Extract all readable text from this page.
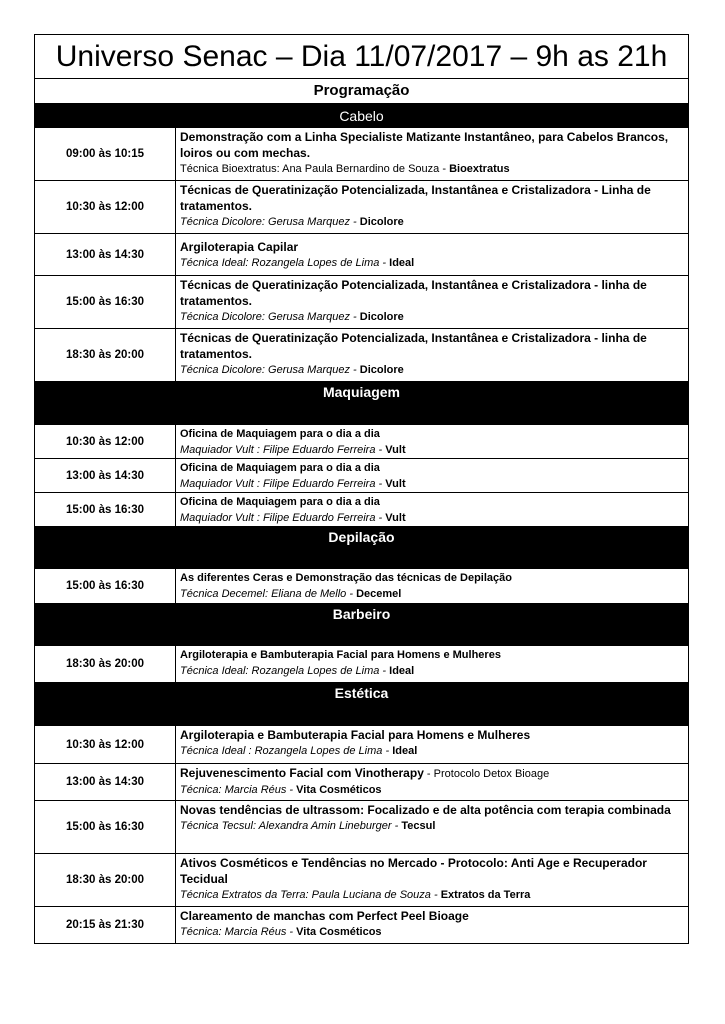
Universo Senac – Dia 11/07/2017 – 9h as 21h
Programação
Cabelo
09:00 às 10:15
Demonstração com a Linha Specialiste Matizante Instantâneo, para Cabelos Brancos, loiros ou com mechas.
Técnica Bioextratus: Ana Paula Bernardino de Souza - Bioextratus
10:30 às 12:00
Técnicas de Queratinização Potencializada, Instantânea e Cristalizadora - Linha de tratamentos.
Técnica Dicolore: Gerusa Marquez - Dicolore
13:00 às 14:30
Argiloterapia Capilar
Técnica Ideal: Rozangela Lopes de Lima - Ideal
15:00 às 16:30
Técnicas de Queratinização Potencializada, Instantânea e Cristalizadora - linha de tratamentos.
Técnica Dicolore: Gerusa Marquez - Dicolore
18:30 às 20:00
Técnicas de Queratinização Potencializada, Instantânea e Cristalizadora - linha de tratamentos.
Técnica Dicolore: Gerusa Marquez - Dicolore
Maquiagem
10:30 às 12:00
Oficina de Maquiagem para o dia a dia
Maquiador Vult : Filipe Eduardo Ferreira - Vult
13:00 às 14:30
Oficina de Maquiagem para o dia a dia
Maquiador Vult : Filipe Eduardo Ferreira - Vult
15:00 às 16:30
Oficina de Maquiagem para o dia a dia
Maquiador Vult : Filipe Eduardo Ferreira - Vult
Depilação
15:00 às 16:30
As diferentes Ceras e Demonstração das técnicas de Depilação
Técnica Decemel: Eliana de Mello - Decemel
Barbeiro
18:30 às 20:00
Argiloterapia e Bambuterapia Facial para Homens e Mulheres
Técnica Ideal: Rozangela Lopes de Lima - Ideal
Estética
10:30 às 12:00
Argiloterapia e Bambuterapia Facial para Homens e Mulheres
Técnica Ideal : Rozangela Lopes de Lima - Ideal
13:00 às 14:30
Rejuvenescimento Facial com Vinotherapy - Protocolo Detox Bioage
Técnica: Marcia Réus - Vita Cosméticos
15:00 às 16:30
Novas tendências de ultrassom: Focalizado e de alta potência com terapia combinada
Técnica Tecsul: Alexandra Amin Lineburger - Tecsul
18:30 às 20:00
Ativos Cosméticos e Tendências no Mercado - Protocolo: Anti Age e Recuperador Tecidual
Técnica Extratos da Terra: Paula Luciana de Souza - Extratos da Terra
20:15 às 21:30
Clareamento de manchas com Perfect Peel Bioage
Técnica: Marcia Réus - Vita Cosméticos
